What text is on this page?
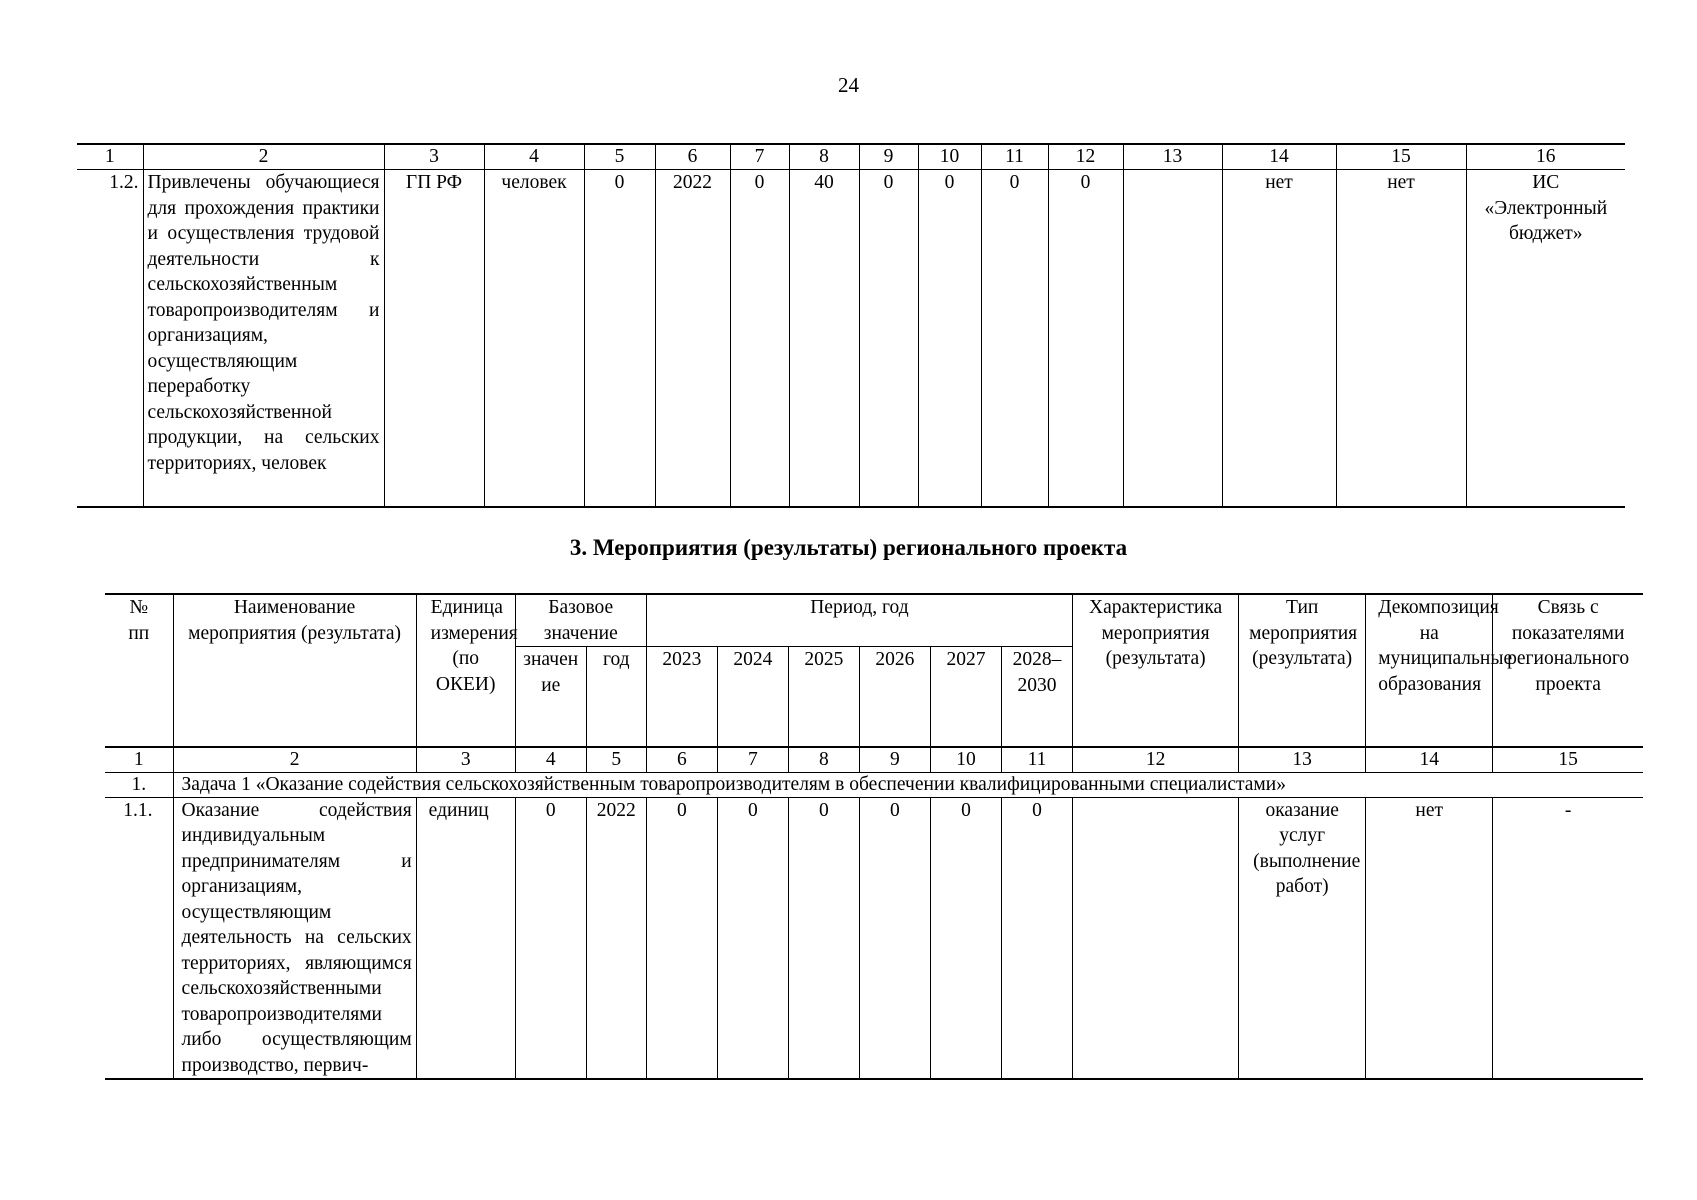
24
1	2	3	4	5	6	7	8	9	10	11	12	13	14	15	16
1.2.	Привлечены обучающиеся для прохождения практики и осуществления трудовой деятельности к сельскохозяйственным товаропроизводителям и организациям, осуществляющим переработку сельскохозяйственной продукции, на сельских территориях, человек	ГП РФ	человек	0	2022	0	40	0	0	0	0		нет	нет	ИС «Электронный бюджет»
3. Мероприятия (результаты) регионального проекта
№ пп	Наименование мероприятия (результата)	Единица измерения (по ОКЕИ)	Базовое значение		Период, год						Характеристика мероприятия (результата)	Тип мероприятия (результата)	Декомпозиция на муниципальные образования	Связь с показателями регионального проекта
			значение	год	2023	2024	2025	2026	2027	2028–2030				

1	2	3	4	5	6	7	8	9	10	11	12	13	14	15
1.	Задача 1 «Оказание содействия сельскохозяйственным товаропроизводителям в обеспечении квалифицированными специалистами»													
1.1.	Оказание содействия индивидуальным предпринимателям и организациям, осуществляющим деятельность на сельских территориях, являющимся сельскохозяйственными товаропроизводителями либо осуществляющим производство, первич-	единиц	0	2022	0	0	0	0	0	0		оказание услуг (выполнение работ)	нет	-
